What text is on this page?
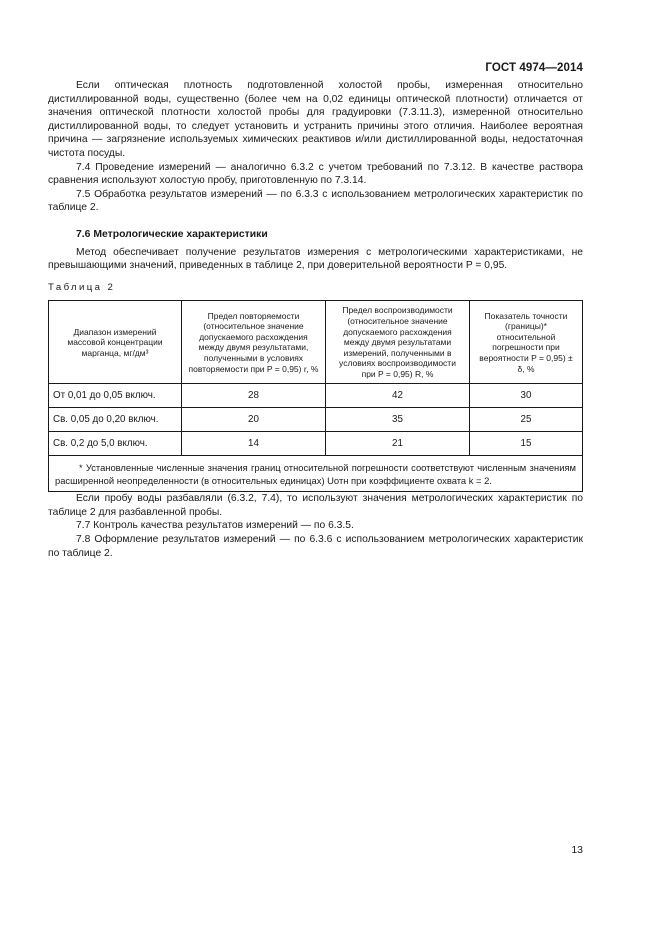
ГОСТ 4974—2014

Если оптическая плотность подготовленной холостой пробы, измеренная относительно дистиллированной воды, существенно (более чем на 0,02 единицы оптической плотности) отличается от значения оптической плотности холостой пробы для градуировки (7.3.11.3), измеренной относительно дистиллированной воды, то следует установить и устранить причины этого отличия. Наиболее вероятная причина — загрязнение используемых химических реактивов и/или дистиллированной воды, недостаточная чистота посуды.

7.4 Проведение измерений — аналогично 6.3.2 с учетом требований по 7.3.12. В качестве раствора сравнения используют холостую пробу, приготовленную по 7.3.14.

7.5 Обработка результатов измерений — по 6.3.3 с использованием метрологических характеристик по таблице 2.

7.6 Метрологические характеристики

Метод обеспечивает получение результатов измерения с метрологическими характеристиками, не превышающими значений, приведенных в таблице 2, при доверительной вероятности P = 0,95.

Таблица 2
Диапазон измерений массовой концентрации марганца, мг/дм³	Предел повторяемости (относительное значение допускаемого расхождения между двумя результатами, полученными в условиях повторяемости при P = 0,95) r, %	Предел воспроизводимости (относительное значение допускаемого расхождения между двумя результатами измерений, полученными в условиях воспроизводимости при P = 0,95) R, %	Показатель точности (границы)* относительной погрешности при вероятности P = 0,95) ± δ, %
От 0,01 до 0,05 включ.	28	42	30
Св. 0,05 до 0,20 включ.	20	35	25
Св. 0,2 до 5,0 включ.	14	21	15

* Установленные численные значения границ относительной погрешности соответствуют численным значениям расширенной неопределенности (в относительных единицах) Uотн при коэффициенте охвата k = 2.			

Если пробу воды разбавляли (6.3.2, 7.4), то используют значения метрологических характеристик по таблице 2 для разбавленной пробы.

7.7 Контроль качества результатов измерений — по 6.3.5.

7.8 Оформление результатов измерений — по 6.3.6 с использованием метрологических характеристик по таблице 2.

13
